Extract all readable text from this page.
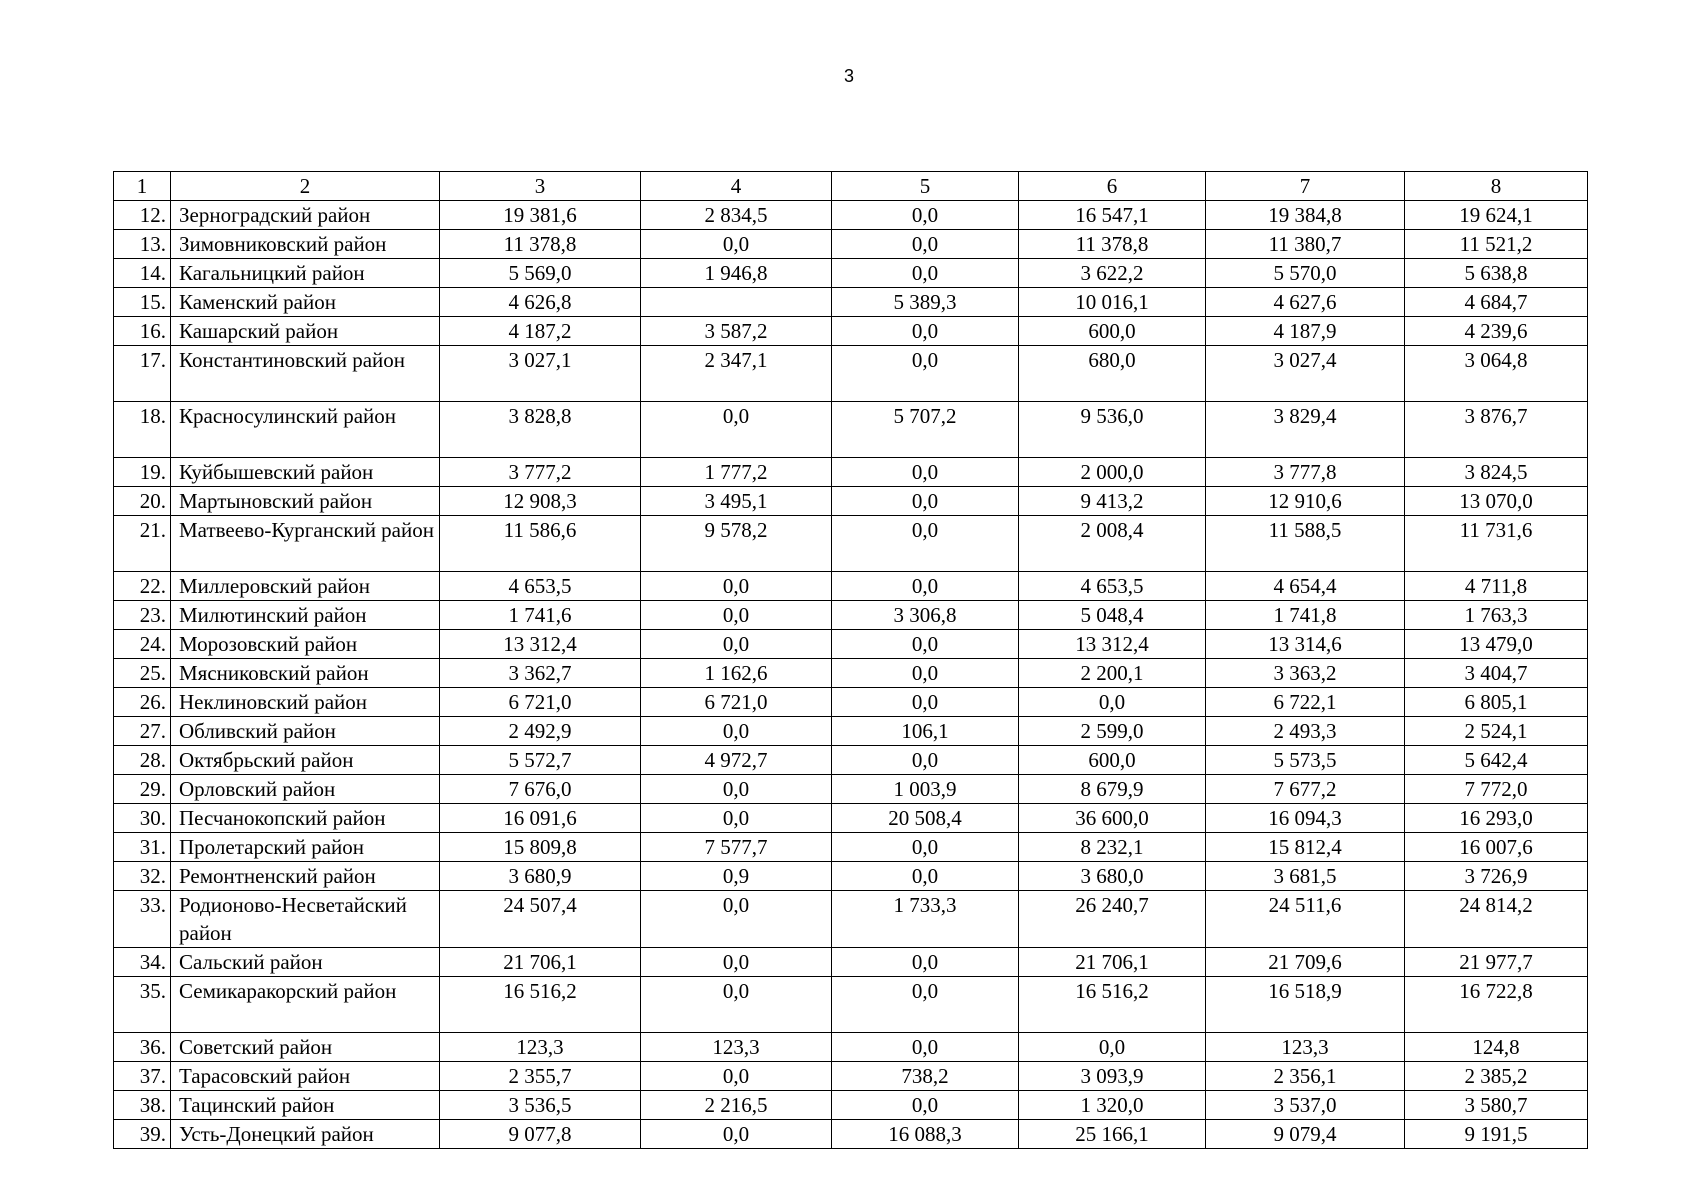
3
1	2	3	4	5	6	7	8
12.	Зерноградский район	19 381,6	2 834,5	0,0	16 547,1	19 384,8	19 624,1
13.	Зимовниковский район	11 378,8	0,0	0,0	11 378,8	11 380,7	11 521,2
14.	Кагальницкий район	5 569,0	1 946,8	0,0	3 622,2	5 570,0	5 638,8
15.	Каменский район	4 626,8		5 389,3	10 016,1	4 627,6	4 684,7
16.	Кашарский район	4 187,2	3 587,2	0,0	600,0	4 187,9	4 239,6
17.	Константиновский район	3 027,1	2 347,1	0,0	680,0	3 027,4	3 064,8
18.	Красносулинский район	3 828,8	0,0	5 707,2	9 536,0	3 829,4	3 876,7
19.	Куйбышевский район	3 777,2	1 777,2	0,0	2 000,0	3 777,8	3 824,5
20.	Мартыновский район	12 908,3	3 495,1	0,0	9 413,2	12 910,6	13 070,0
21.	Матвеево-Курганский район	11 586,6	9 578,2	0,0	2 008,4	11 588,5	11 731,6
22.	Миллеровский район	4 653,5	0,0	0,0	4 653,5	4 654,4	4 711,8
23.	Милютинский район	1 741,6	0,0	3 306,8	5 048,4	1 741,8	1 763,3
24.	Морозовский район	13 312,4	0,0	0,0	13 312,4	13 314,6	13 479,0
25.	Мясниковский район	3 362,7	1 162,6	0,0	2 200,1	3 363,2	3 404,7
26.	Неклиновский район	6 721,0	6 721,0	0,0	0,0	6 722,1	6 805,1
27.	Обливский район	2 492,9	0,0	106,1	2 599,0	2 493,3	2 524,1
28.	Октябрьский район	5 572,7	4 972,7	0,0	600,0	5 573,5	5 642,4
29.	Орловский район	7 676,0	0,0	1 003,9	8 679,9	7 677,2	7 772,0
30.	Песчанокопский район	16 091,6	0,0	20 508,4	36 600,0	16 094,3	16 293,0
31.	Пролетарский район	15 809,8	7 577,7	0,0	8 232,1	15 812,4	16 007,6
32.	Ремонтненский район	3 680,9	0,9	0,0	3 680,0	3 681,5	3 726,9
33.	Родионово-Несветайский район	24 507,4	0,0	1 733,3	26 240,7	24 511,6	24 814,2
34.	Сальский район	21 706,1	0,0	0,0	21 706,1	21 709,6	21 977,7
35.	Семикаракорский район	16 516,2	0,0	0,0	16 516,2	16 518,9	16 722,8
36.	Советский район	123,3	123,3	0,0	0,0	123,3	124,8
37.	Тарасовский район	2 355,7	0,0	738,2	3 093,9	2 356,1	2 385,2
38.	Тацинский район	3 536,5	2 216,5	0,0	1 320,0	3 537,0	3 580,7
39.	Усть-Донецкий район	9 077,8	0,0	16 088,3	25 166,1	9 079,4	9 191,5
